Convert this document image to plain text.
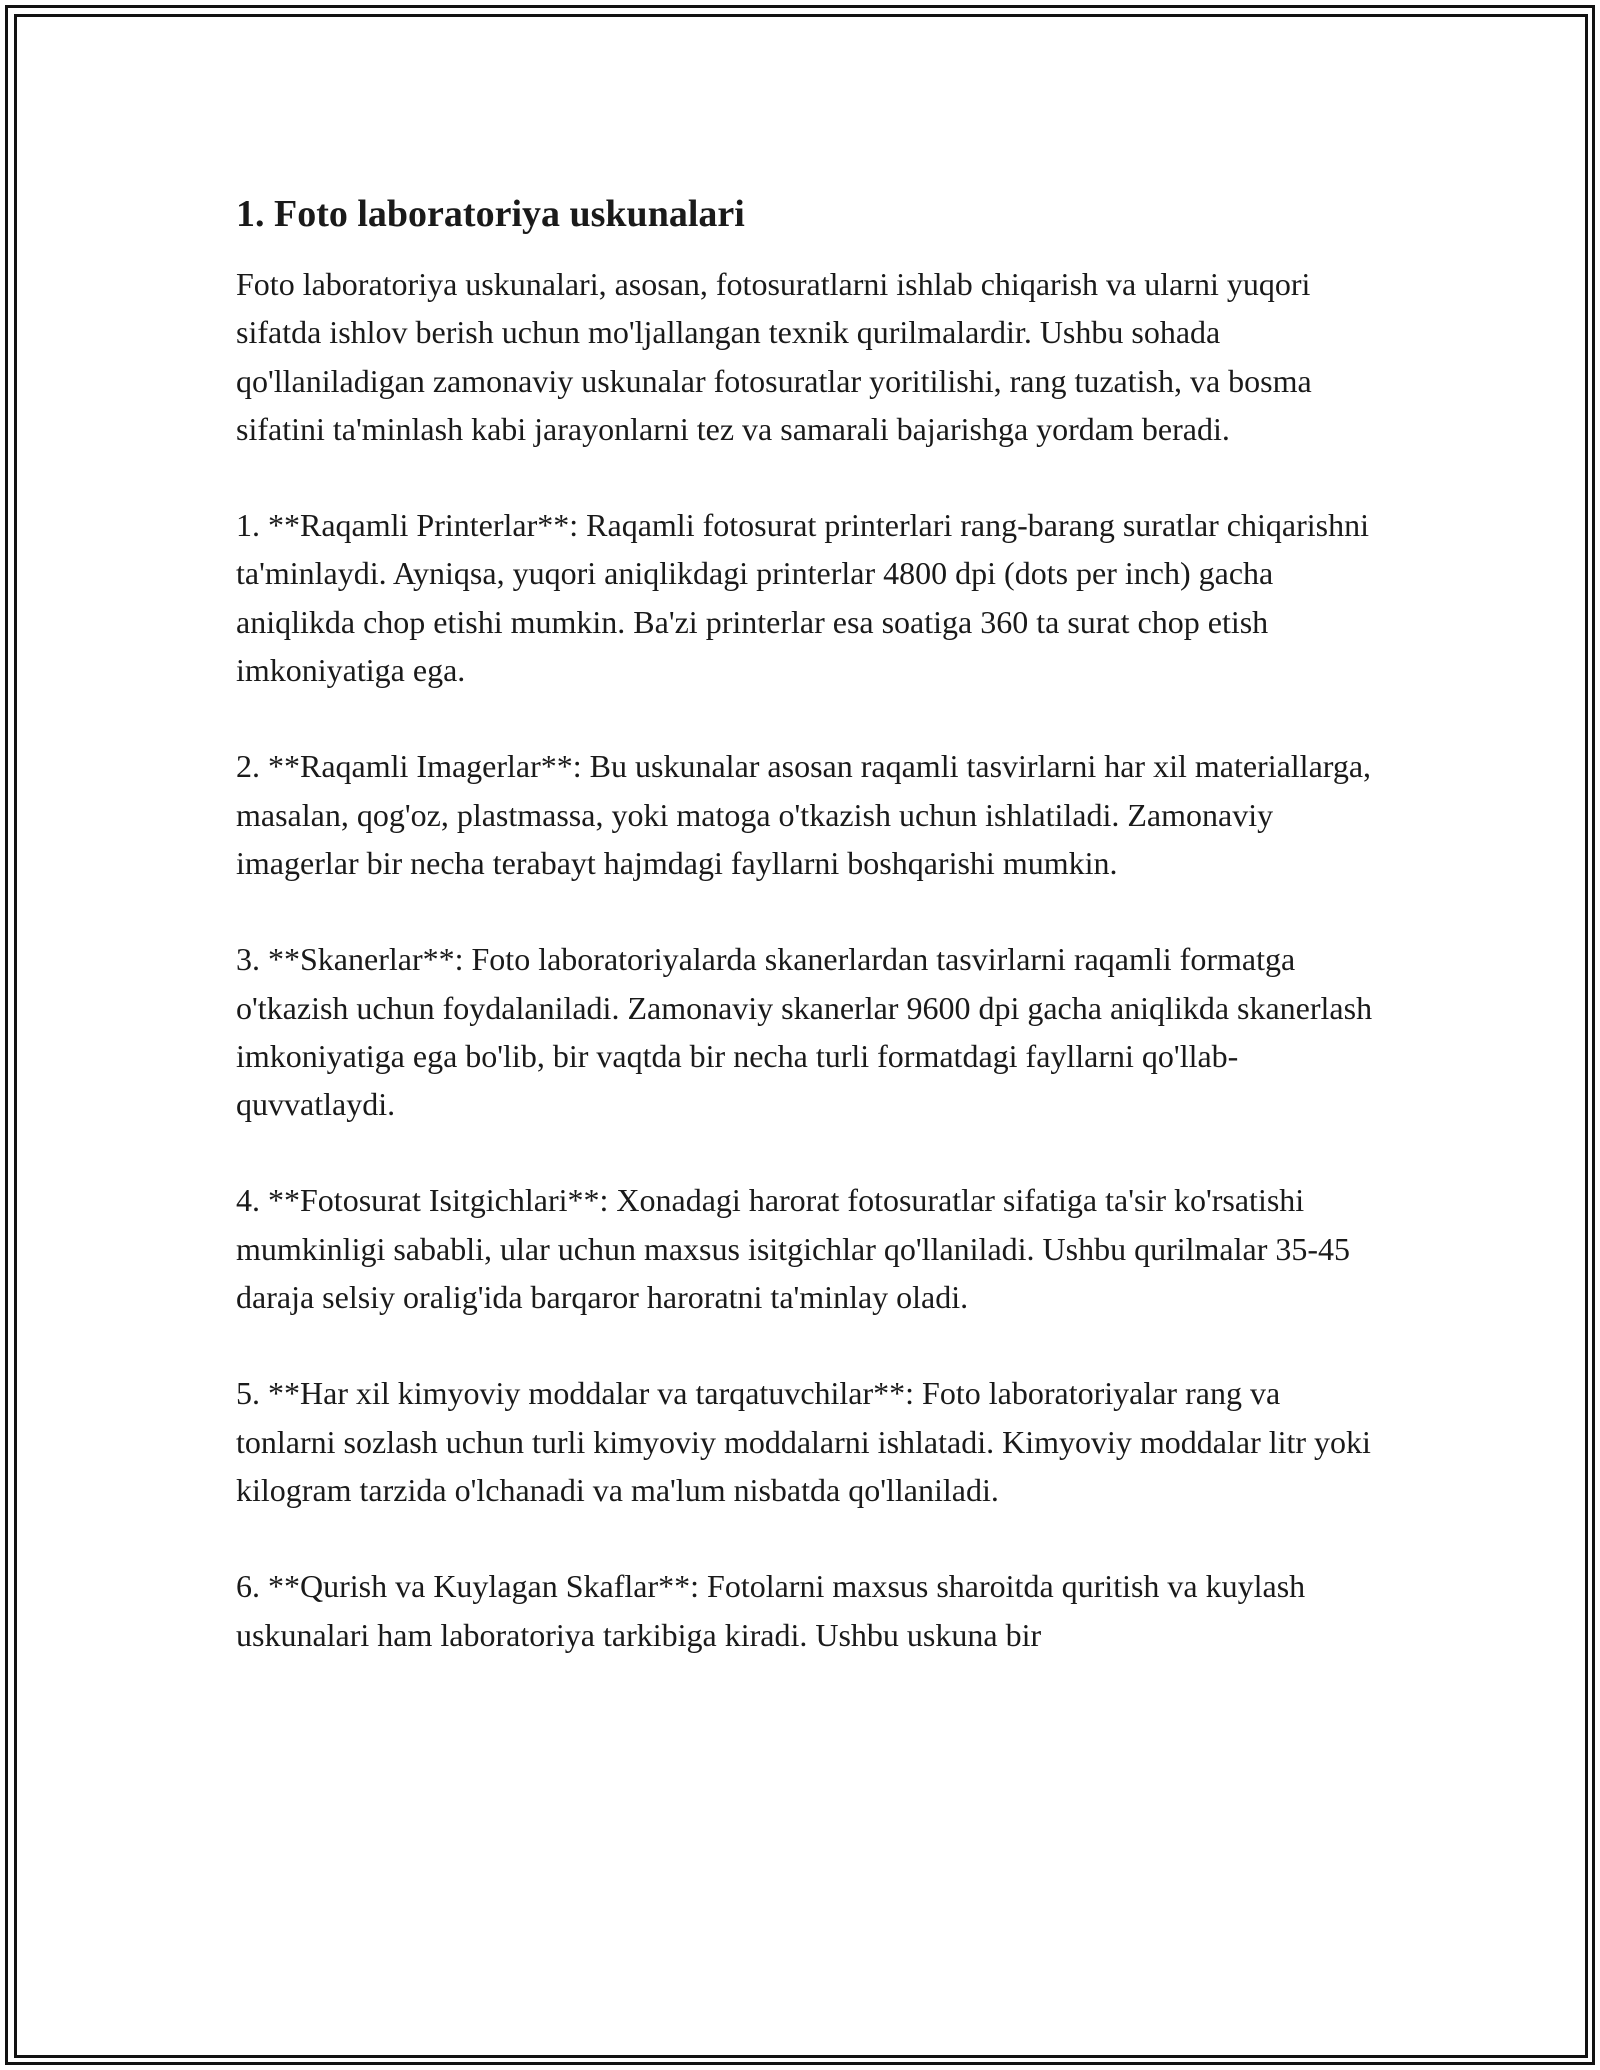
1. Foto laboratoriya uskunalari

Foto laboratoriya uskunalari, asosan, fotosuratlarni ishlab chiqarish va ularni yuqori sifatda ishlov berish uchun mo'ljallangan texnik qurilmalardir. Ushbu sohada qo'llaniladigan zamonaviy uskunalar fotosuratlar yoritilishi, rang tuzatish, va bosma sifatini ta'minlash kabi jarayonlarni tez va samarali bajarishga yordam beradi.

1. **Raqamli Printerlar**: Raqamli fotosurat printerlari rang-barang suratlar chiqarishni ta'minlaydi. Ayniqsa, yuqori aniqlikdagi printerlar 4800 dpi (dots per inch) gacha aniqlikda chop etishi mumkin. Ba'zi printerlar esa soatiga 360 ta surat chop etish imkoniyatiga ega.

2. **Raqamli Imagerlar**: Bu uskunalar asosan raqamli tasvirlarni har xil materiallarga, masalan, qog'oz, plastmassa, yoki matoga o'tkazish uchun ishlatiladi. Zamonaviy imagerlar bir necha terabayt hajmdagi fayllarni boshqarishi mumkin.

3. **Skanerlar**: Foto laboratoriyalarda skanerlardan tasvirlarni raqamli formatga o'tkazish uchun foydalaniladi. Zamonaviy skanerlar 9600 dpi gacha aniqlikda skanerlash imkoniyatiga ega bo'lib, bir vaqtda bir necha turli formatdagi fayllarni qo'llab-quvvatlaydi.

4. **Fotosurat Isitgichlari**: Xonadagi harorat fotosuratlar sifatiga ta'sir ko'rsatishi mumkinligi sababli, ular uchun maxsus isitgichlar qo'llaniladi. Ushbu qurilmalar 35-45 daraja selsiy oralig'ida barqaror haroratni ta'minlay oladi.

5. **Har xil kimyoviy moddalar va tarqatuvchilar**: Foto laboratoriyalar rang va tonlarni sozlash uchun turli kimyoviy moddalarni ishlatadi. Kimyoviy moddalar litr yoki kilogram tarzida o'lchanadi va ma'lum nisbatda qo'llaniladi.

6. **Qurish va Kuylagan Skaflar**: Fotolarni maxsus sharoitda quritish va kuylash uskunalari ham laboratoriya tarkibiga kiradi. Ushbu uskuna bir
